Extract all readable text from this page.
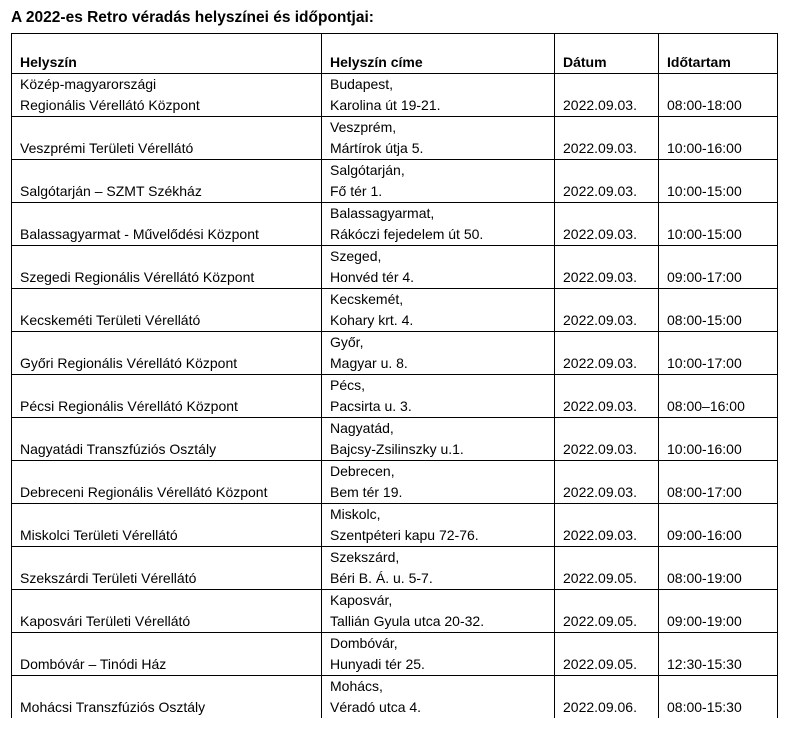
A 2022-es Retro véradás helyszínei és időpontjai:
Helyszín	Helyszín címe	Dátum	Időtartam

Közép-magyarországi
Regionális Vérellátó Központ	Budapest,
Karolina út 19-21.	2022.09.03.	08:00-18:00

Veszprémi Területi Vérellátó	Veszprém,
Mártírok útja 5.	2022.09.03.	10:00-16:00

Salgótarján – SZMT Székház	Salgótarján,
Fő tér 1.	2022.09.03.	10:00-15:00

Balassagyarmat - Művelődési Központ	Balassagyarmat,
Rákóczi fejedelem út 50.	2022.09.03.	10:00-15:00

Szegedi Regionális Vérellátó Központ	Szeged,
Honvéd tér 4.	2022.09.03.	09:00-17:00

Kecskeméti Területi Vérellátó	Kecskemét,
Kohary krt. 4.	2022.09.03.	08:00-15:00

Győri Regionális Vérellátó Központ	Győr,
Magyar u. 8.	2022.09.03.	10:00-17:00

Pécsi Regionális Vérellátó Központ	Pécs,
Pacsirta u. 3.	2022.09.03.	08:00–16:00

Nagyatádi Transzfúziós Osztály	Nagyatád,
Bajcsy-Zsilinszky u.1.	2022.09.03.	10:00-16:00

Debreceni Regionális Vérellátó Központ	Debrecen,
Bem tér 19.	2022.09.03.	08:00-17:00

Miskolci Területi Vérellátó	Miskolc,
Szentpéteri kapu 72-76.	2022.09.03.	09:00-16:00

Szekszárdi Területi Vérellátó	Szekszárd,
Béri B. Á. u. 5-7.	2022.09.05.	08:00-19:00

Kaposvári Területi Vérellátó	Kaposvár,
Tallián Gyula utca 20-32.	2022.09.05.	09:00-19:00

Dombóvár – Tinódi Ház	Dombóvár,
Hunyadi tér 25.	2022.09.05.	12:30-15:30

Mohácsi Transzfúziós Osztály	Mohács,
Véradó utca 4.	2022.09.06.	08:00-15:30
